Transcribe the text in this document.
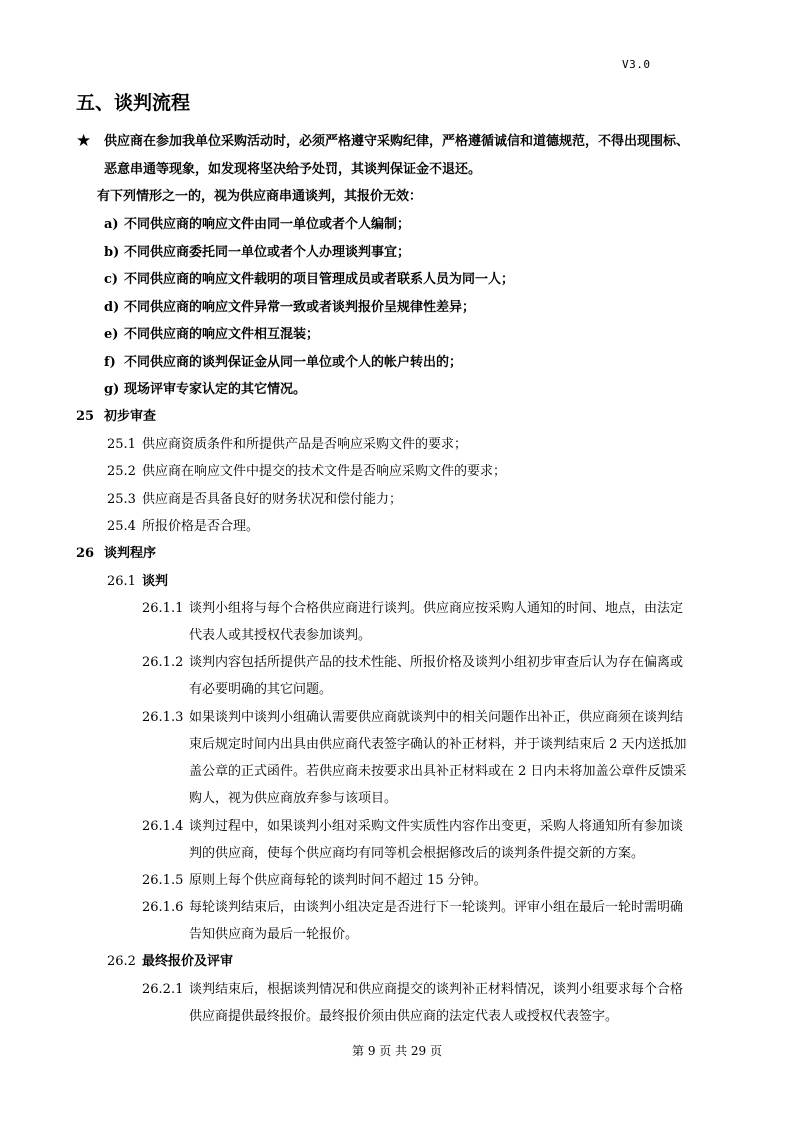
V3.0
五、谈判流程
★ 供应商在参加我单位采购活动时，必须严格遵守采购纪律，严格遵循诚信和道德规范，不得出现围标、
恶意串通等现象，如发现将坚决给予处罚，其谈判保证金不退还。
有下列情形之一的，视为供应商串通谈判，其报价无效：
a) 不同供应商的响应文件由同一单位或者个人编制；
b) 不同供应商委托同一单位或者个人办理谈判事宜；
c) 不同供应商的响应文件载明的项目管理成员或者联系人员为同一人；
d) 不同供应商的响应文件异常一致或者谈判报价呈规律性差异；
e) 不同供应商的响应文件相互混装；
f) 不同供应商的谈判保证金从同一单位或个人的帐户转出的；
g) 现场评审专家认定的其它情况。
25 初步审查
25.1 供应商资质条件和所提供产品是否响应采购文件的要求；
25.2 供应商在响应文件中提交的技术文件是否响应采购文件的要求；
25.3 供应商是否具备良好的财务状况和偿付能力；
25.4 所报价格是否合理。
26 谈判程序
26.1 谈判
26.1.1 谈判小组将与每个合格供应商进行谈判。供应商应按采购人通知的时间、地点，由法定
代表人或其授权代表参加谈判。
26.1.2 谈判内容包括所提供产品的技术性能、所报价格及谈判小组初步审查后认为存在偏离或
有必要明确的其它问题。
26.1.3 如果谈判中谈判小组确认需要供应商就谈判中的相关问题作出补正，供应商须在谈判结
束后规定时间内出具由供应商代表签字确认的补正材料，并于谈判结束后 2 天内送抵加
盖公章的正式函件。若供应商未按要求出具补正材料或在 2 日内未将加盖公章件反馈采
购人，视为供应商放弃参与该项目。
26.1.4 谈判过程中，如果谈判小组对采购文件实质性内容作出变更，采购人将通知所有参加谈
判的供应商，使每个供应商均有同等机会根据修改后的谈判条件提交新的方案。
26.1.5 原则上每个供应商每轮的谈判时间不超过 15 分钟。
26.1.6 每轮谈判结束后，由谈判小组决定是否进行下一轮谈判。评审小组在最后一轮时需明确
告知供应商为最后一轮报价。
26.2 最终报价及评审
26.2.1 谈判结束后，根据谈判情况和供应商提交的谈判补正材料情况，谈判小组要求每个合格
供应商提供最终报价。最终报价须由供应商的法定代表人或授权代表签字。
第 9 页 共 29 页
